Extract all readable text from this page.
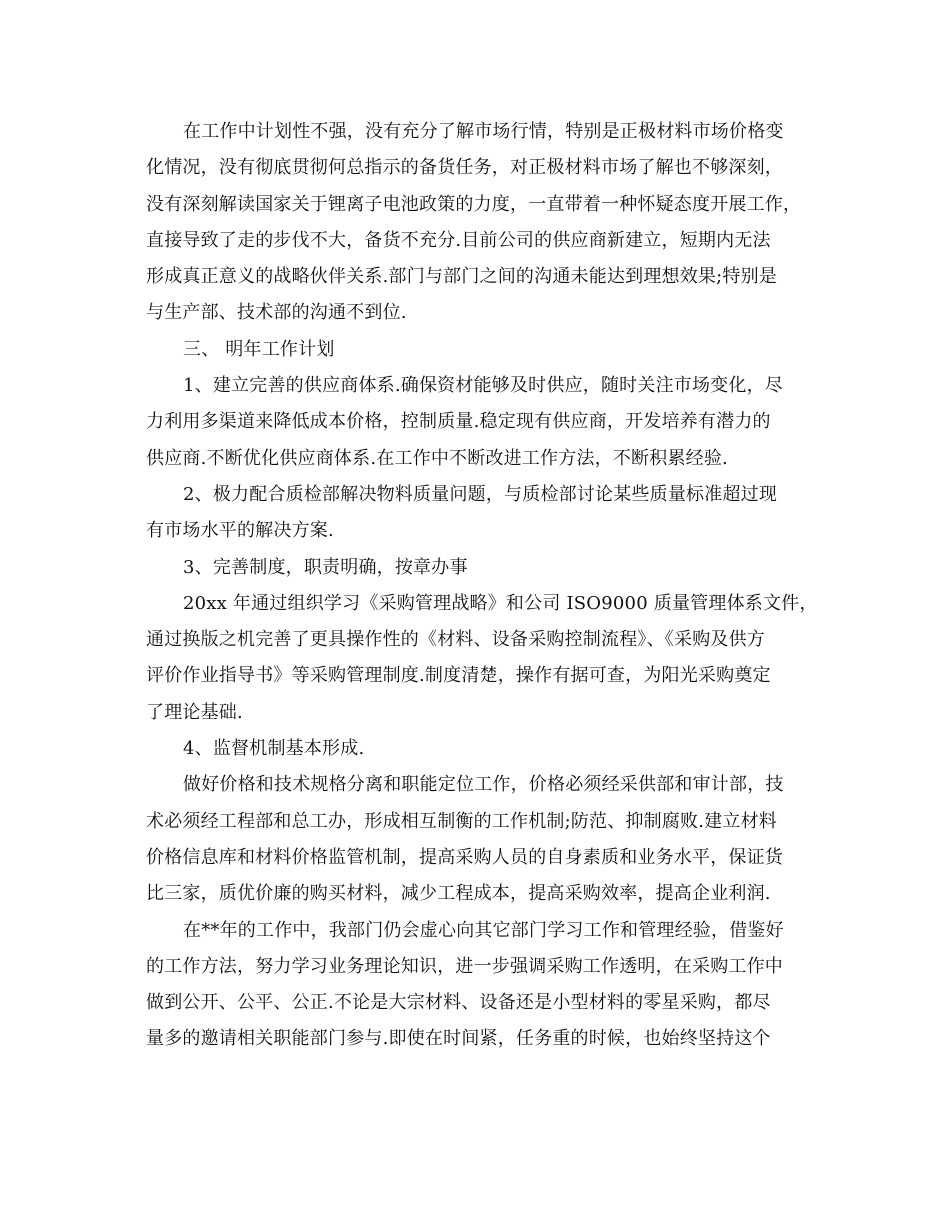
在工作中计划性不强，没有充分了解市场行情，特别是正极材料市场价格变
化情况，没有彻底贯彻何总指示的备货任务，对正极材料市场了解也不够深刻，
没有深刻解读国家关于锂离子电池政策的力度，一直带着一种怀疑态度开展工作，
直接导致了走的步伐不大，备货不充分.目前公司的供应商新建立，短期内无法
形成真正意义的战略伙伴关系.部门与部门之间的沟通未能达到理想效果;特别是
与生产部、技术部的沟通不到位.

三、 明年工作计划

1、建立完善的供应商体系.确保资材能够及时供应，随时关注市场变化，尽
力利用多渠道来降低成本价格，控制质量.稳定现有供应商，开发培养有潜力的
供应商.不断优化供应商体系.在工作中不断改进工作方法，不断积累经验.

2、极力配合质检部解决物料质量问题，与质检部讨论某些质量标准超过现
有市场水平的解决方案.

3、完善制度，职责明确，按章办事

20xx 年通过组织学习《采购管理战略》和公司 ISO9000 质量管理体系文件，
通过换版之机完善了更具操作性的《材料、设备采购控制流程》、《采购及供方
评价作业指导书》等采购管理制度.制度清楚，操作有据可查，为阳光采购奠定
了理论基础.

4、监督机制基本形成.

做好价格和技术规格分离和职能定位工作，价格必须经采供部和审计部，技
术必须经工程部和总工办，形成相互制衡的工作机制;防范、抑制腐败.建立材料
价格信息库和材料价格监管机制，提高采购人员的自身素质和业务水平，保证货
比三家，质优价廉的购买材料，减少工程成本，提高采购效率，提高企业利润.

在**年的工作中，我部门仍会虚心向其它部门学习工作和管理经验，借鉴好
的工作方法，努力学习业务理论知识，进一步强调采购工作透明，在采购工作中
做到公开、公平、公正.不论是大宗材料、设备还是小型材料的零星采购，都尽
量多的邀请相关职能部门参与.即使在时间紧，任务重的时候，也始终坚持这个
